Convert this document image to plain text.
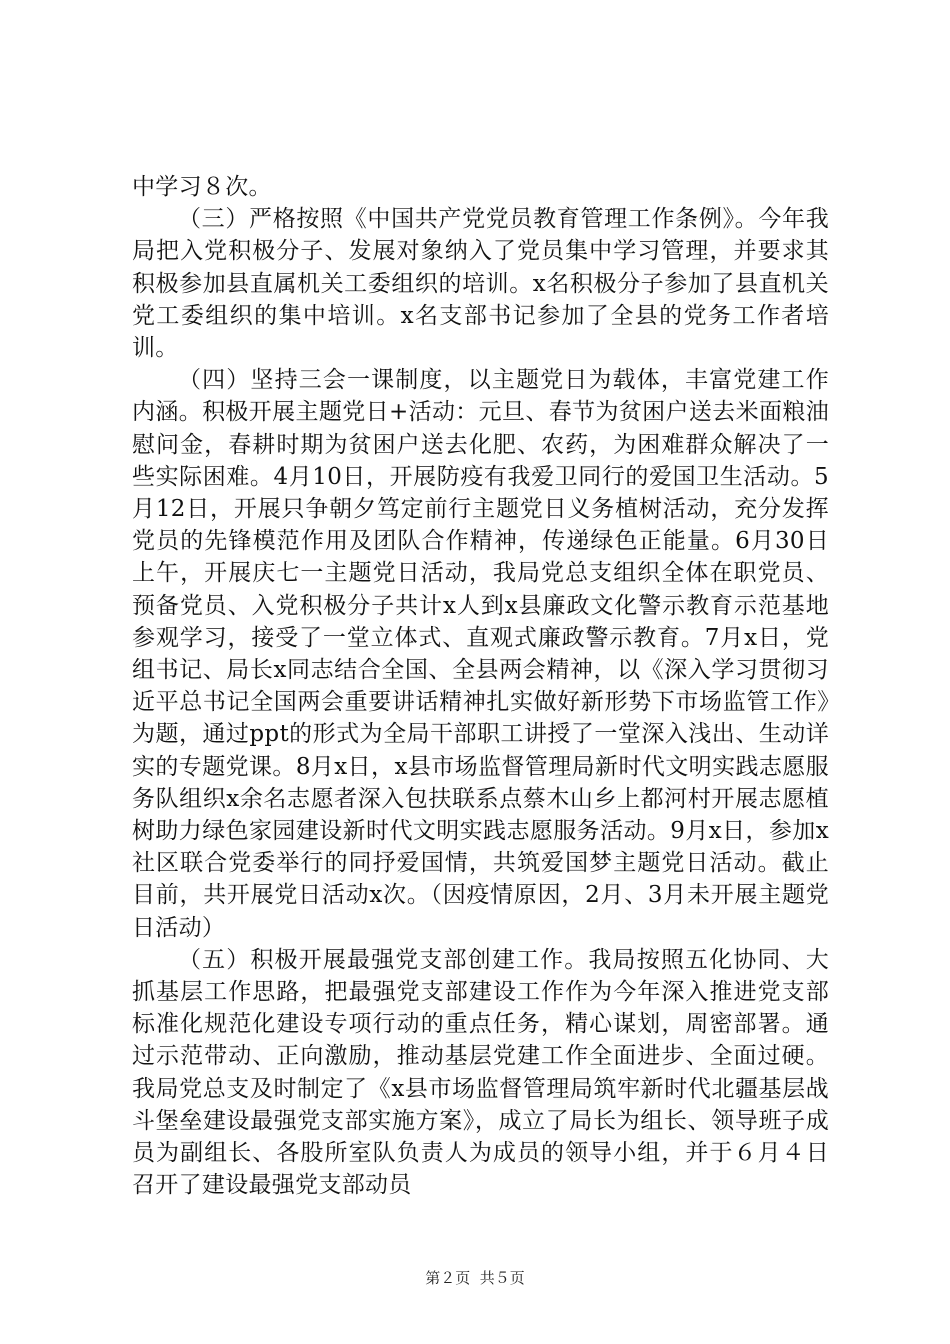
中学习８次。

（三）严格按照《中国共产党党员教育管理工作条例》。今年我局把入党积极分子、发展对象纳入了党员集中学习管理，并要求其积极参加县直属机关工委组织的培训。x名积极分子参加了县直机关党工委组织的集中培训。x名支部书记参加了全县的党务工作者培训。

（四）坚持三会一课制度，以主题党日为载体，丰富党建工作内涵。积极开展主题党日+活动：元旦、春节为贫困户送去米面粮油慰问金，春耕时期为贫困户送去化肥、农药，为困难群众解决了一些实际困难。4月10日，开展防疫有我爱卫同行的爱国卫生活动。5月12日，开展只争朝夕笃定前行主题党日义务植树活动，充分发挥党员的先锋模范作用及团队合作精神，传递绿色正能量。6月30日上午，开展庆七一主题党日活动，我局党总支组织全体在职党员、预备党员、入党积极分子共计x人到x县廉政文化警示教育示范基地参观学习，接受了一堂立体式、直观式廉政警示教育。7月x日，党组书记、局长x同志结合全国、全县两会精神，以《深入学习贯彻习近平总书记全国两会重要讲话精神扎实做好新形势下市场监管工作》为题，通过ppt的形式为全局干部职工讲授了一堂深入浅出、生动详实的专题党课。8月x日，x县市场监督管理局新时代文明实践志愿服务队组织x余名志愿者深入包扶联系点蔡木山乡上都河村开展志愿植树助力绿色家园建设新时代文明实践志愿服务活动。9月x日，参加x社区联合党委举行的同抒爱国情，共筑爱国梦主题党日活动。截止目前，共开展党日活动x次。（因疫情原因，2月、3月未开展主题党日活动）

（五）积极开展最强党支部创建工作。我局按照五化协同、大抓基层工作思路，把最强党支部建设工作作为今年深入推进党支部标准化规范化建设专项行动的重点任务，精心谋划，周密部署。通过示范带动、正向激励，推动基层党建工作全面进步、全面过硬。我局党总支及时制定了《x县市场监督管理局筑牢新时代北疆基层战斗堡垒建设最强党支部实施方案》，成立了局长为组长、领导班子成员为副组长、各股所室队负责人为成员的领导小组，并于６月４日召开了建设最强党支部动员

第２页 共５页
